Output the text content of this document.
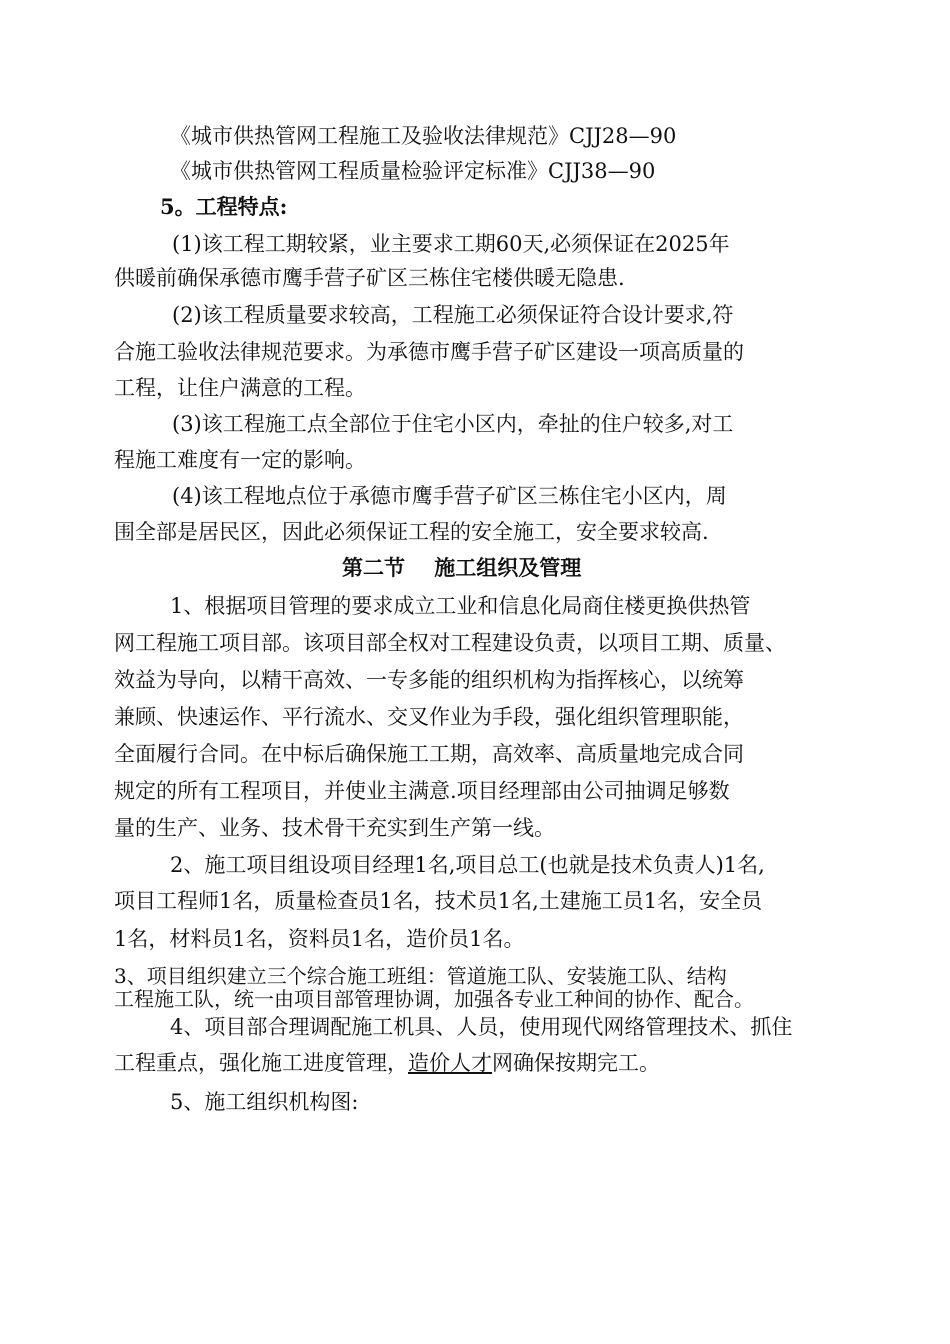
《城市供热管网工程施工及验收法律规范》CJJ28—90
《城市供热管网工程质量检验评定标准》CJJ38—90
5。工程特点:
(1)该工程工期较紧，业主要求工期60天,必须保证在2025年
供暖前确保承德市鹰手营子矿区三栋住宅楼供暖无隐患.
(2)该工程质量要求较高，工程施工必须保证符合设计要求,符
合施工验收法律规范要求。为承德市鹰手营子矿区建设一项高质量的
工程，让住户满意的工程。
(3)该工程施工点全部位于住宅小区内，牵扯的住户较多,对工
程施工难度有一定的影响。
(4)该工程地点位于承德市鹰手营子矿区三栋住宅小区内，周
围全部是居民区，因此必须保证工程的安全施工，安全要求较高.
第二节    施工组织及管理
1、根据项目管理的要求成立工业和信息化局商住楼更换供热管
网工程施工项目部。该项目部全权对工程建设负责，以项目工期、质量、
效益为导向，以精干高效、一专多能的组织机构为指挥核心，以统筹
兼顾、快速运作、平行流水、交叉作业为手段，强化组织管理职能，
全面履行合同。在中标后确保施工工期，高效率、高质量地完成合同
规定的所有工程项目，并使业主满意.项目经理部由公司抽调足够数
量的生产、业务、技术骨干充实到生产第一线。
2、施工项目组设项目经理1名,项目总工(也就是技术负责人)1名,
项目工程师1名，质量检查员1名，技术员1名,土建施工员1名，安全员
1名，材料员1名，资料员1名，造价员1名。
3、项目组织建立三个综合施工班组：管道施工队、安装施工队、结构
工程施工队，统一由项目部管理协调，加强各专业工种间的协作、配合。
4、项目部合理调配施工机具、人员，使用现代网络管理技术、抓住
工程重点，强化施工进度管理，造价人才网确保按期完工。
5、施工组织机构图:
